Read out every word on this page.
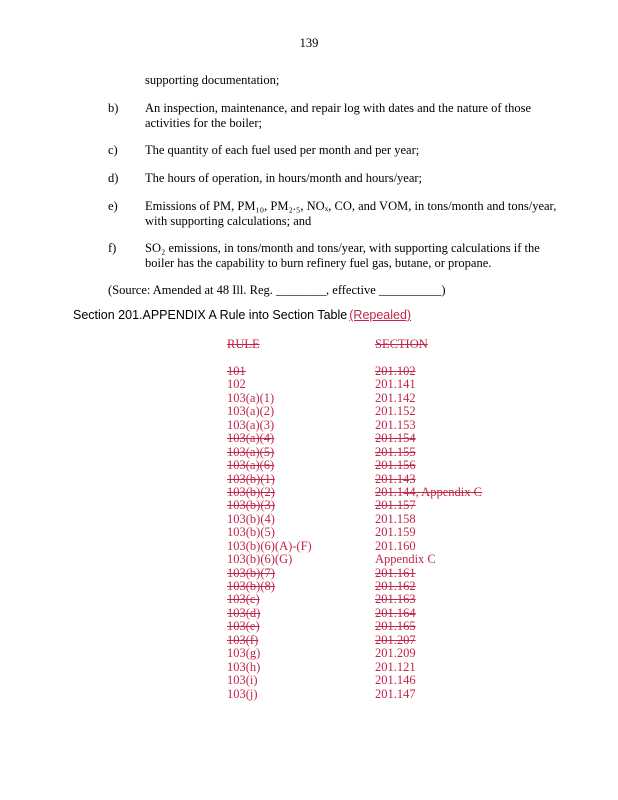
139
supporting documentation;
b) An inspection, maintenance, and repair log with dates and the nature of those activities for the boiler;
c) The quantity of each fuel used per month and per year;
d) The hours of operation, in hours/month and hours/year;
e) Emissions of PM, PM₁₀, PM₂.₅, NOₓ, CO, and VOM, in tons/month and tons/year, with supporting calculations; and
f) SO₂ emissions, in tons/month and tons/year, with supporting calculations if the boiler has the capability to burn refinery fuel gas, butane, or propane.
(Source: Amended at 48 Ill. Reg. ________, effective __________)
Section 201.APPENDIX A Rule into Section Table (Repealed)
RULE	SECTION
101
102
103(a)(1)
103(a)(2)
103(a)(3)
103(a)(4)
103(a)(5)
103(a)(6)
103(b)(1)
103(b)(2)
103(b)(3)
103(b)(4)
103(b)(5)
103(b)(6)(A)-(F)
103(b)(6)(G)
103(b)(7)
103(b)(8)
103(c)
103(d)
103(e)
103(f)
103(g)
103(h)
103(i)
103(j)
201.102
201.141
201.142
201.152
201.153
201.154
201.155
201.156
201.143
201.144, Appendix C
201.157
201.158
201.159
201.160
Appendix C
201.161
201.162
201.163
201.164
201.165
201.207
201.209
201.121
201.146
201.147
